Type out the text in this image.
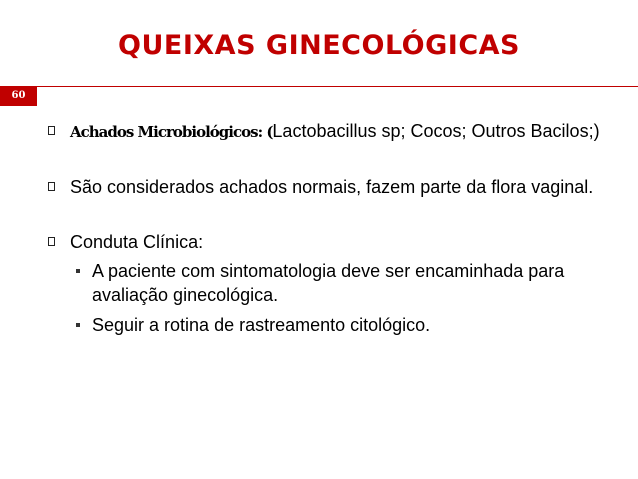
QUEIXAS GINECOLÓGICAS
60
Achados Microbiológicos: (Lactobacillus sp; Cocos; Outros Bacilos;)
São considerados achados normais, fazem parte da flora vaginal.
Conduta Clínica:
A paciente com sintomatologia deve ser encaminhada para avaliação ginecológica.
Seguir a rotina de rastreamento citológico.
